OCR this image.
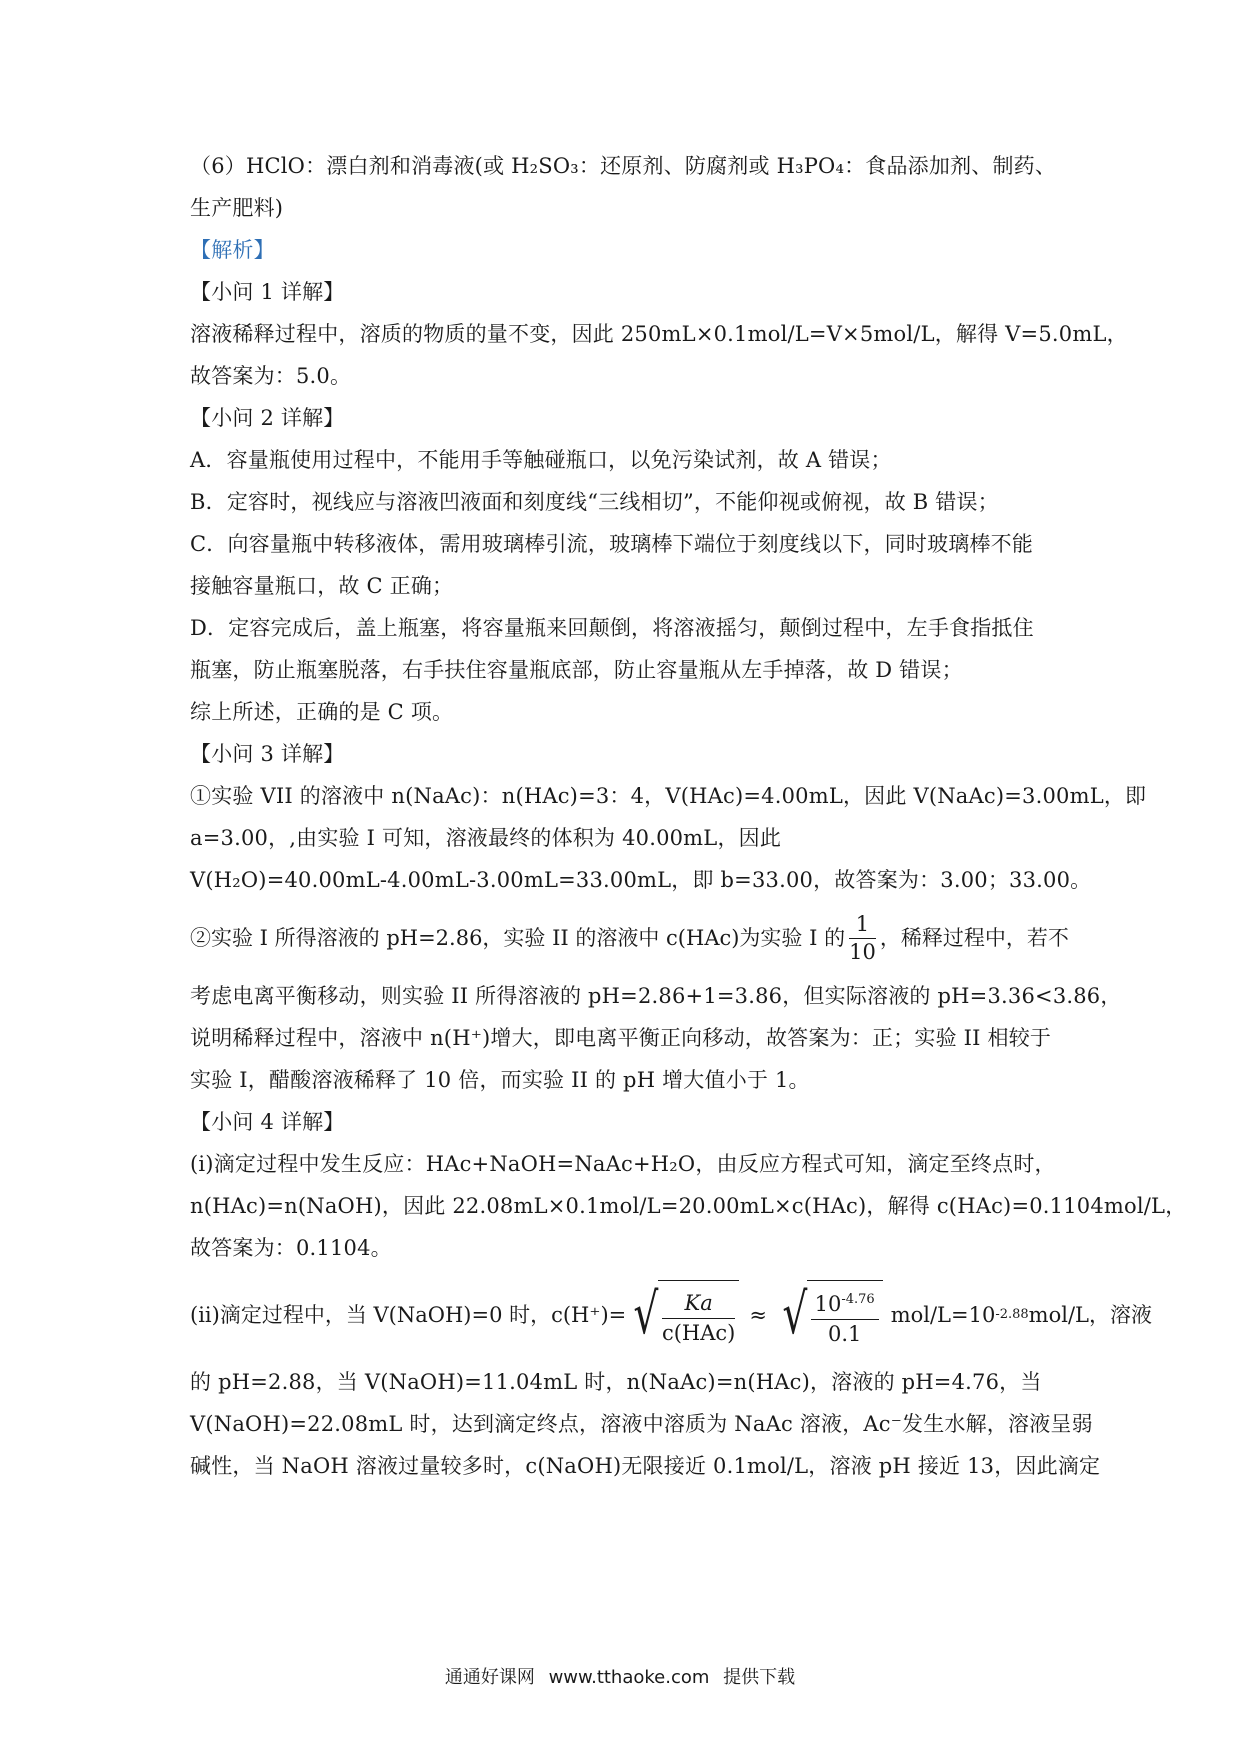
（6）HClO：漂白剂和消毒液(或 H₂SO₃：还原剂、防腐剂或 H₃PO₄：食品添加剂、制药、
生产肥料)
【解析】
【小问 1 详解】
溶液稀释过程中，溶质的物质的量不变，因此 250mL×0.1mol/L=V×5mol/L，解得 V=5.0mL，
故答案为：5.0。
【小问 2 详解】
A．容量瓶使用过程中，不能用手等触碰瓶口，以免污染试剂，故 A 错误；
B．定容时，视线应与溶液凹液面和刻度线“三线相切”，不能仰视或俯视，故 B 错误；
C．向容量瓶中转移液体，需用玻璃棒引流，玻璃棒下端位于刻度线以下，同时玻璃棒不能
接触容量瓶口，故 C 正确；
D．定容完成后，盖上瓶塞，将容量瓶来回颠倒，将溶液摇匀，颠倒过程中，左手食指抵住
瓶塞，防止瓶塞脱落，右手扶住容量瓶底部，防止容量瓶从左手掉落，故 D 错误；
综上所述，正确的是 C 项。
【小问 3 详解】
①实验 VII 的溶液中 n(NaAc)：n(HAc)=3：4，V(HAc)=4.00mL，因此 V(NaAc)=3.00mL，即
a=3.00，,由实验 I 可知，溶液最终的体积为 40.00mL，因此
V(H₂O)=40.00mL-4.00mL-3.00mL=33.00mL，即 b=33.00，故答案为：3.00；33.00。
②实验 I 所得溶液的 pH=2.86，实验 II 的溶液中 c(HAc)为实验 I 的 $\frac{1}{10}$ ，稀释过程中，若不
考虑电离平衡移动，则实验 II 所得溶液的 pH=2.86+1=3.86，但实际溶液的 pH=3.36<3.86，
说明稀释过程中，溶液中 n(H⁺)增大，即电离平衡正向移动，故答案为：正；实验 II 相较于
实验 I，醋酸溶液稀释了 10 倍，而实验 II 的 pH 增大值小于 1。
【小问 4 详解】
(i)滴定过程中发生反应：HAc+NaOH=NaAc+H₂O，由反应方程式可知，滴定至终点时，
n(HAc)=n(NaOH)，因此 22.08mL×0.1mol/L=20.00mL×c(HAc)，解得 c(HAc)=0.1104mol/L，
故答案为：0.1104。
(ii)滴定过程中，当 V(NaOH)=0 时，c(H⁺)= √ $\frac{Ka}{\text{c(HAc)}}$ ≈ √ $\frac{10^{-4.76}}{0.1} mol/L=10$ -2.88 mol/L，溶液
的 pH=2.88，当 V(NaOH)=11.04mL 时，n(NaAc)=n(HAc)，溶液的 pH=4.76，当
V(NaOH)=22.08mL 时，达到滴定终点，溶液中溶质为 NaAc 溶液，Ac⁻发生水解，溶液呈弱
碱性，当 NaOH 溶液过量较多时，c(NaOH)无限接近 0.1mol/L，溶液 pH 接近 13，因此滴定
通通好课网 www.tthaoke.com 提供下载
